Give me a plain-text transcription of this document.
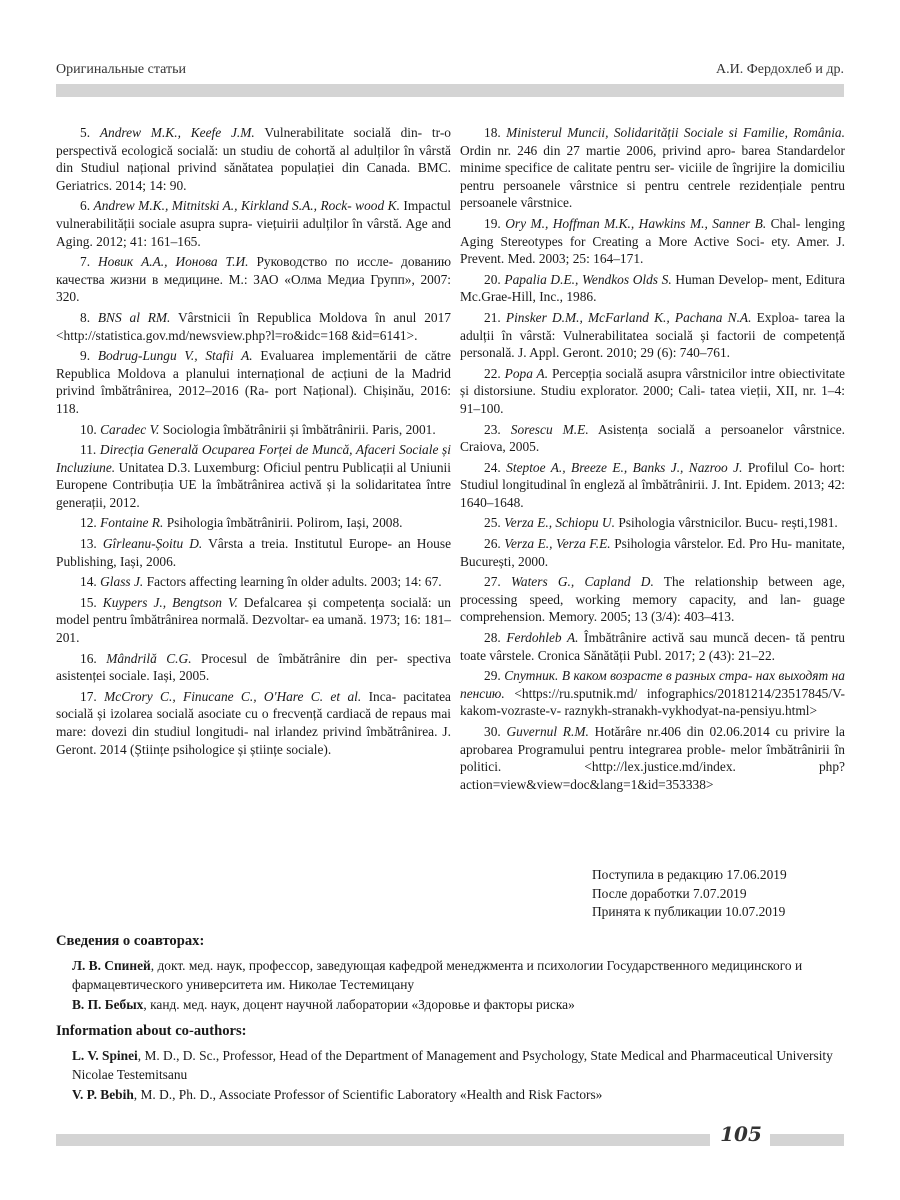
Оригинальные статьи	А.И. Фердохлеб и др.

5. Andrew M.K., Keefe J.M. Vulnerabilitate socială din- tr-o perspectivă ecologică socială: un studiu de cohortă al adulților în vârstă din Studiul național privind sănătatea populației din Canada. BMC. Geriatrics. 2014; 14: 90.

6. Andrew M.K., Mitnitski A., Kirkland S.A., Rock- wood K. Impactul vulnerabilității sociale asupra supra- viețuirii adulților în vârstă. Age and Aging. 2012; 41: 161–165.

7. Новик А.А., Ионова Т.И. Руководство по иссле- дованию качества жизни в медицине. М.: ЗАО «Олма Медиа Групп», 2007: 320.

8. BNS al RM. Vârstnicii în Republica Moldova în anul 2017 <http://statistica.gov.md/newsview.php?l=ro&idc=168 &id=6141>.

9. Bodrug-Lungu V., Stafii A. Evaluarea implementării de către Republica Moldova a planului internațional de acțiuni de la Madrid privind îmbătrânirea, 2012–2016 (Ra- port Național). Chișinău, 2016: 118.

10. Caradec V. Sociologia îmbătrânirii și îmbătrânirii. Paris, 2001.

11. Direcția Generală Ocuparea Forței de Muncă, Afaceri Sociale și Incluziune. Unitatea D.3. Luxemburg: Oficiul pentru Publicații al Uniunii Europene Contribuția UE la îmbătrânirea activă și la solidaritatea între generații, 2012.

12. Fontaine R. Psihologia îmbătrânirii. Polirom, Iași, 2008.

13. Gîrleanu-Șoitu D. Vârsta a treia. Institutul Europe- an House Publishing, Iași, 2006.

14. Glass J. Factors affecting learning în older adults. 2003; 14: 67.

15. Kuypers J., Bengtson V. Defalcarea și competența socială: un model pentru îmbătrânirea normală. Dezvoltar- ea umană. 1973; 16: 181–201.

16. Mândrilă C.G. Procesul de îmbătrânire din per- spectiva asistenței sociale. Iași, 2005.

17. McCrory C., Finucane C., O'Hare C. et al. Inca- pacitatea socială și izolarea socială asociate cu o frecvență cardiacă de repaus mai mare: dovezi din studiul longitudi- nal irlandez privind îmbătrânirea. J. Geront. 2014 (Științe psihologice și științe sociale).

18. Ministerul Muncii, Solidarității Sociale si Familie, România. Ordin nr. 246 din 27 martie 2006, privind apro- barea Standardelor minime specifice de calitate pentru ser- viciile de îngrijire la domiciliu pentru persoanele vârstnice si pentru centrele rezidențiale pentru persoanele vârstnice.

19. Ory M., Hoffman M.K., Hawkins M., Sanner B. Chal- lenging Aging Stereotypes for Creating a More Active Soci- ety. Amer. J. Prevent. Med. 2003; 25: 164–171.

20. Papalia D.E., Wendkos Olds S. Human Develop- ment, Editura Mc.Grae-Hill, Inc., 1986.

21. Pinsker D.M., McFarland K., Pachana N.A. Exploa- tarea la adulții în vârstă: Vulnerabilitatea socială și factorii de competență personală. J. Appl. Geront. 2010; 29 (6): 740–761.

22. Popa A. Percepția socială asupra vârstnicilor intre obiectivitate și distorsiune. Studiu explorator. 2000; Cali- tatea vieții, XII, nr. 1–4: 91–100.

23. Sorescu M.E. Asistența socială a persoanelor vârstnice. Craiova, 2005.

24. Steptoe A., Breeze E., Banks J., Nazroo J. Profilul Co- hort: Studiul longitudinal în engleză al îmbătrânirii. J. Int. Epidem. 2013; 42: 1640–1648.

25. Verza E., Schiopu U. Psihologia vârstnicilor. Bucu- rești,1981.

26. Verza E., Verza F.E. Psihologia vârstelor. Ed. Pro Hu- manitate, București, 2000.

27. Waters G., Capland D. The relationship between age, processing speed, working memory capacity, and lan- guage comprehension. Memory. 2005; 13 (3/4): 403–413.

28. Ferdohleb A. Îmbătrânire activă sau muncă decen- tă pentru toate vârstele. Cronica Sănătății Publ. 2017; 2 (43): 21–22.

29. Спутник. В каком возрасте в разных стра- нах выходят на пенсию. <https://ru.sputnik.md/ infographics/20181214/23517845/V-kakom-vozraste-v- raznykh-stranakh-vykhodyat-na-pensiyu.html>

30. Guvernul R.M. Hotărâre nr.406 din 02.06.2014 cu privire la aprobarea Programului pentru integrarea proble- melor îmbătrânirii în politici. <http://lex.justice.md/index. php?action=view&view=doc&lang=1&id=353338>

Поступила в редакцию 17.06.2019
После доработки 7.07.2019
Принята к публикации 10.07.2019
Сведения о соавторах:

Л. В. Спиней, докт. мед. наук, профессор, заведующая кафедрой менеджмента и психологии Государственного медицинского и фармацевтического университета им. Николае Тестемицану

В. П. Бебых, канд. мед. наук, доцент научной лаборатории «Здоровье и факторы риска»

Information about co-authors:

L. V. Spinei, M. D., D. Sc., Professor, Head of the Department of Management and Psychology, State Medical and Pharmaceutical University Nicolae Testemitsanu

V. P. Bebih, M. D., Ph. D., Associate Professor of Scientific Laboratory «Health and Risk Factors»

105
